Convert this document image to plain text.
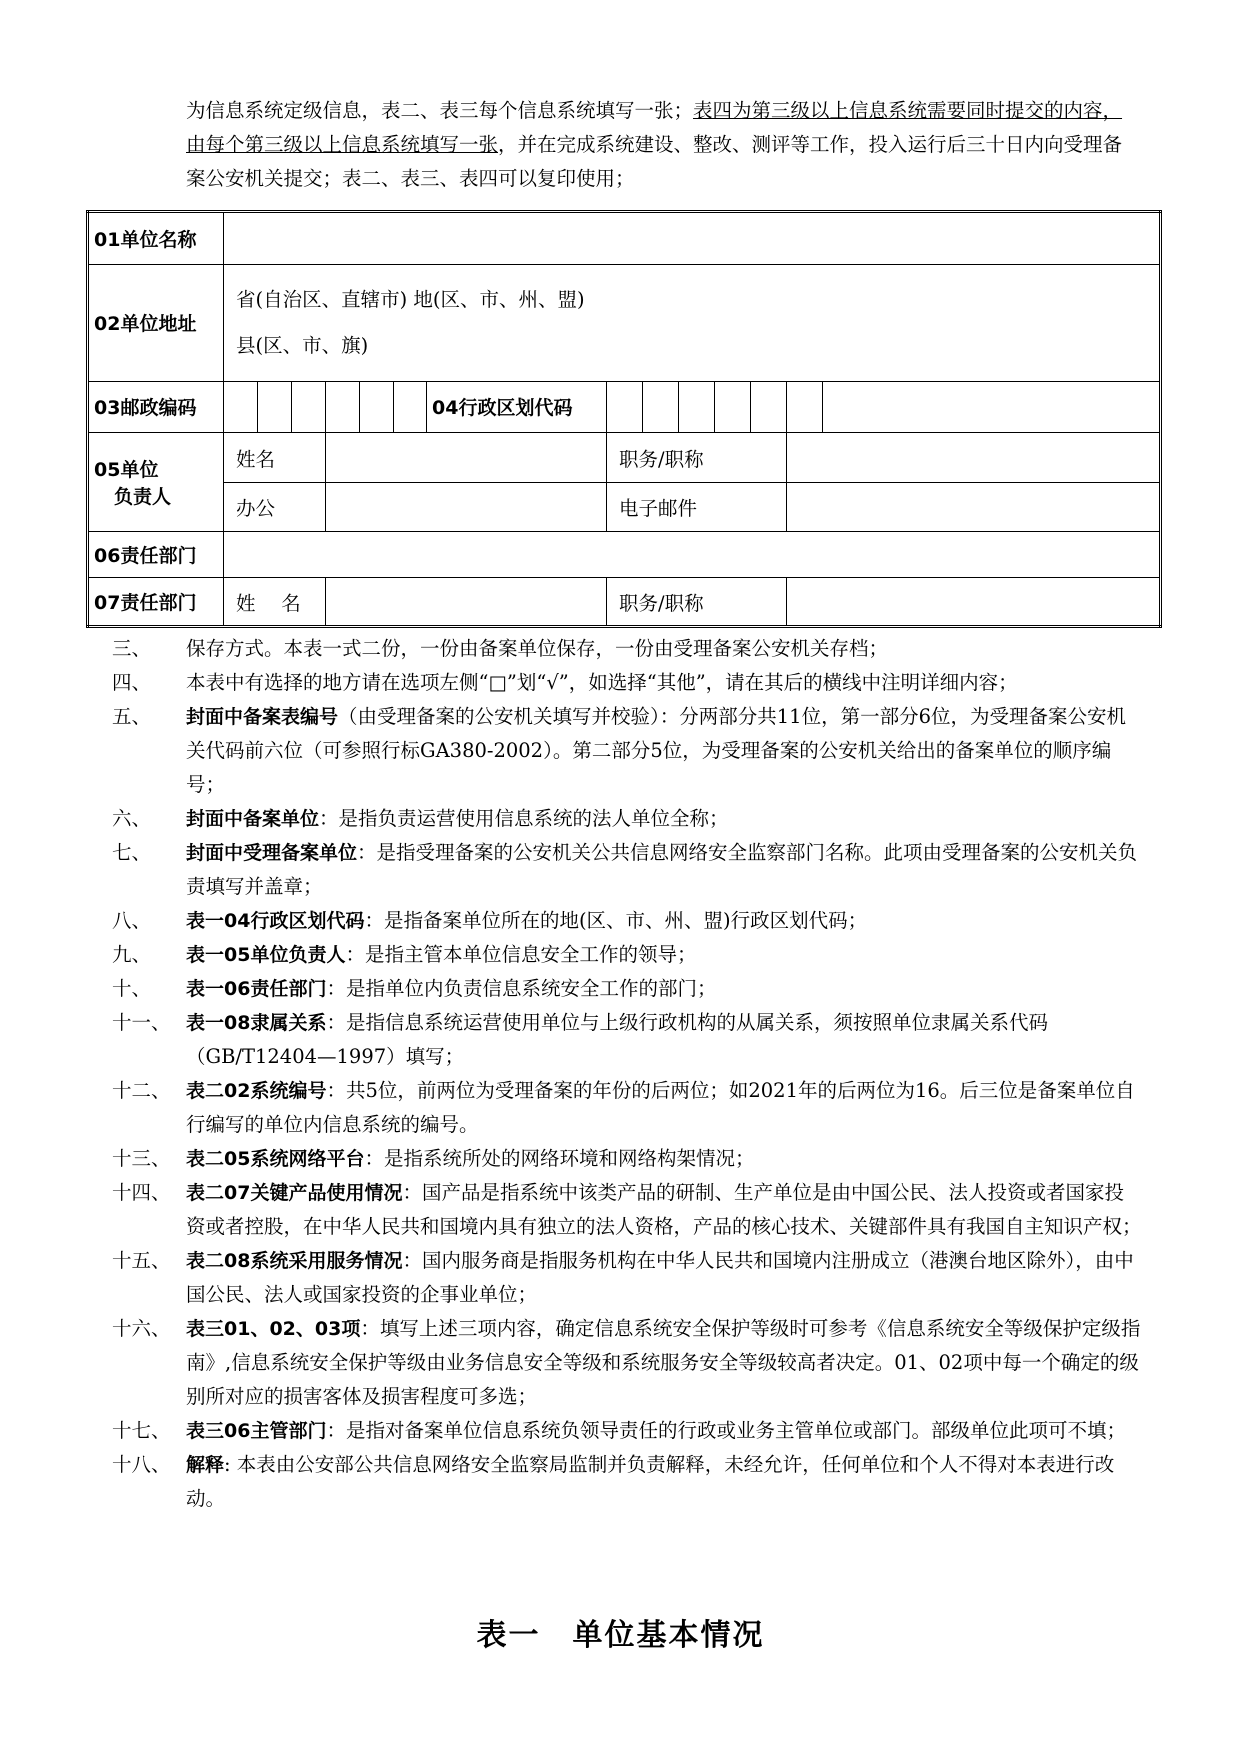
为信息系统定级信息，表二、表三每个信息系统填写一张；表四为第三级以上信息系统需要同时提交的内容，由每个第三级以上信息系统填写一张，并在完成系统建设、整改、测评等工作，投入运行后三十日内向受理备案公安机关提交；表二、表三、表四可以复印使用；
01单位名称														
02单位地址	省(自治区、直辖市) 地(区、市、州、盟)
县(区、市、旗)													

03邮政编码							04行政区划代码							

05单位
负责人	姓名							职务/职称						
	办公							电子邮件						
06责任部门														
07责任部门	姓　 名							职务/职称						
三、	保存方式。本表一式二份，一份由备案单位保存，一份由受理备案公安机关存档；
四、	本表中有选择的地方请在选项左侧“□”划“√”，如选择“其他”，请在其后的横线中注明详细内容；
五、	封面中备案表编号（由受理备案的公安机关填写并校验）：分两部分共11位，第一部分6位，为受理备案公安机关代码前六位（可参照行标GA380-2002）。第二部分5位，为受理备案的公安机关给出的备案单位的顺序编号；
六、	封面中备案单位：是指负责运营使用信息系统的法人单位全称；
七、	封面中受理备案单位：是指受理备案的公安机关公共信息网络安全监察部门名称。此项由受理备案的公安机关负责填写并盖章；
八、	表一04行政区划代码：是指备案单位所在的地(区、市、州、盟)行政区划代码；
九、	表一05单位负责人：是指主管本单位信息安全工作的领导；
十、	表一06责任部门：是指单位内负责信息系统安全工作的部门；
十一、 表一08隶属关系：是指信息系统运营使用单位与上级行政机构的从属关系，须按照单位隶属关系代码（GB/T12404—1997）填写；
十二、 表二02系统编号：共5位，前两位为受理备案的年份的后两位；如2021年的后两位为16。后三位是备案单位自行编写的单位内信息系统的编号。
十三、 表二05系统网络平台：是指系统所处的网络环境和网络构架情况；
十四、 表二07关键产品使用情况：国产品是指系统中该类产品的研制、生产单位是由中国公民、法人投资或者国家投资或者控股，在中华人民共和国境内具有独立的法人资格，产品的核心技术、关键部件具有我国自主知识产权；
十五、 表二08系统采用服务情况：国内服务商是指服务机构在中华人民共和国境内注册成立（港澳台地区除外），由中国公民、法人或国家投资的企事业单位；
十六、 表三01、02、03项：填写上述三项内容，确定信息系统安全保护等级时可参考《信息系统安全等级保护定级指南》,信息系统安全保护等级由业务信息安全等级和系统服务安全等级较高者决定。01、02项中每一个确定的级别所对应的损害客体及损害程度可多选；
十七、 表三06主管部门：是指对备案单位信息系统负领导责任的行政或业务主管单位或部门。部级单位此项可不填；
十八、 解释: 本表由公安部公共信息网络安全监察局监制并负责解释，未经允许，任何单位和个人不得对本表进行改动。
表一　单位基本情况
